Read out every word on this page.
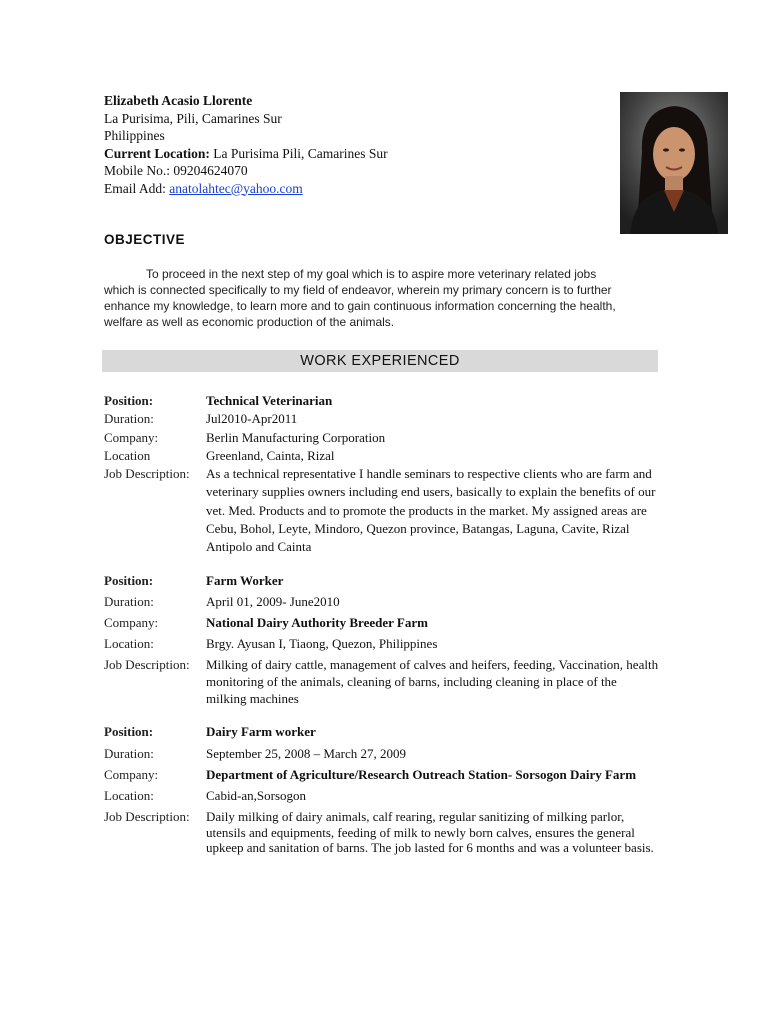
Elizabeth Acasio Llorente
La Purisima, Pili, Camarines Sur
Philippines
Current Location: La Purisima Pili, Camarines Sur
Mobile No.: 09204624070
Email Add: anatolahtec@yahoo.com
OBJECTIVE
To proceed in the next step of my goal which is to aspire more veterinary related jobs which is connected specifically to my field of endeavor, wherein my primary concern is to further enhance my knowledge, to learn more and to gain continuous information concerning the health, welfare as well as economic production of the animals.
WORK EXPERIENCED
Position:	Technical Veterinarian
Duration:	Jul2010-Apr2011
Company:	Berlin Manufacturing Corporation
Location	Greenland, Cainta, Rizal
Job Description:	As a technical representative I handle seminars to respective clients who are farm and veterinary supplies owners including end users, basically to explain the benefits of our vet. Med. Products and to promote the products in the market. My assigned areas are Cebu, Bohol, Leyte, Mindoro, Quezon province, Batangas, Laguna, Cavite, Rizal Antipolo and Cainta
Position:	Farm Worker
Duration:	April 01, 2009- June2010
Company:	National Dairy Authority Breeder Farm
Location:	Brgy. Ayusan I, Tiaong, Quezon, Philippines
Job Description:	Milking of dairy cattle, management of calves and heifers, feeding, Vaccination, health monitoring of the animals, cleaning of barns, including cleaning in place of the milking machines
Position:	Dairy Farm worker
Duration:	September 25, 2008 – March 27, 2009
Company:	Department of Agriculture/Research Outreach Station- Sorsogon Dairy Farm
Location:	Cabid-an,Sorsogon
Job Description:	Daily milking of dairy animals, calf rearing, regular sanitizing of milking parlor, utensils and equipments, feeding of milk to newly born calves, ensures the general upkeep and sanitation of barns. The job lasted for 6 months and was a volunteer basis.
